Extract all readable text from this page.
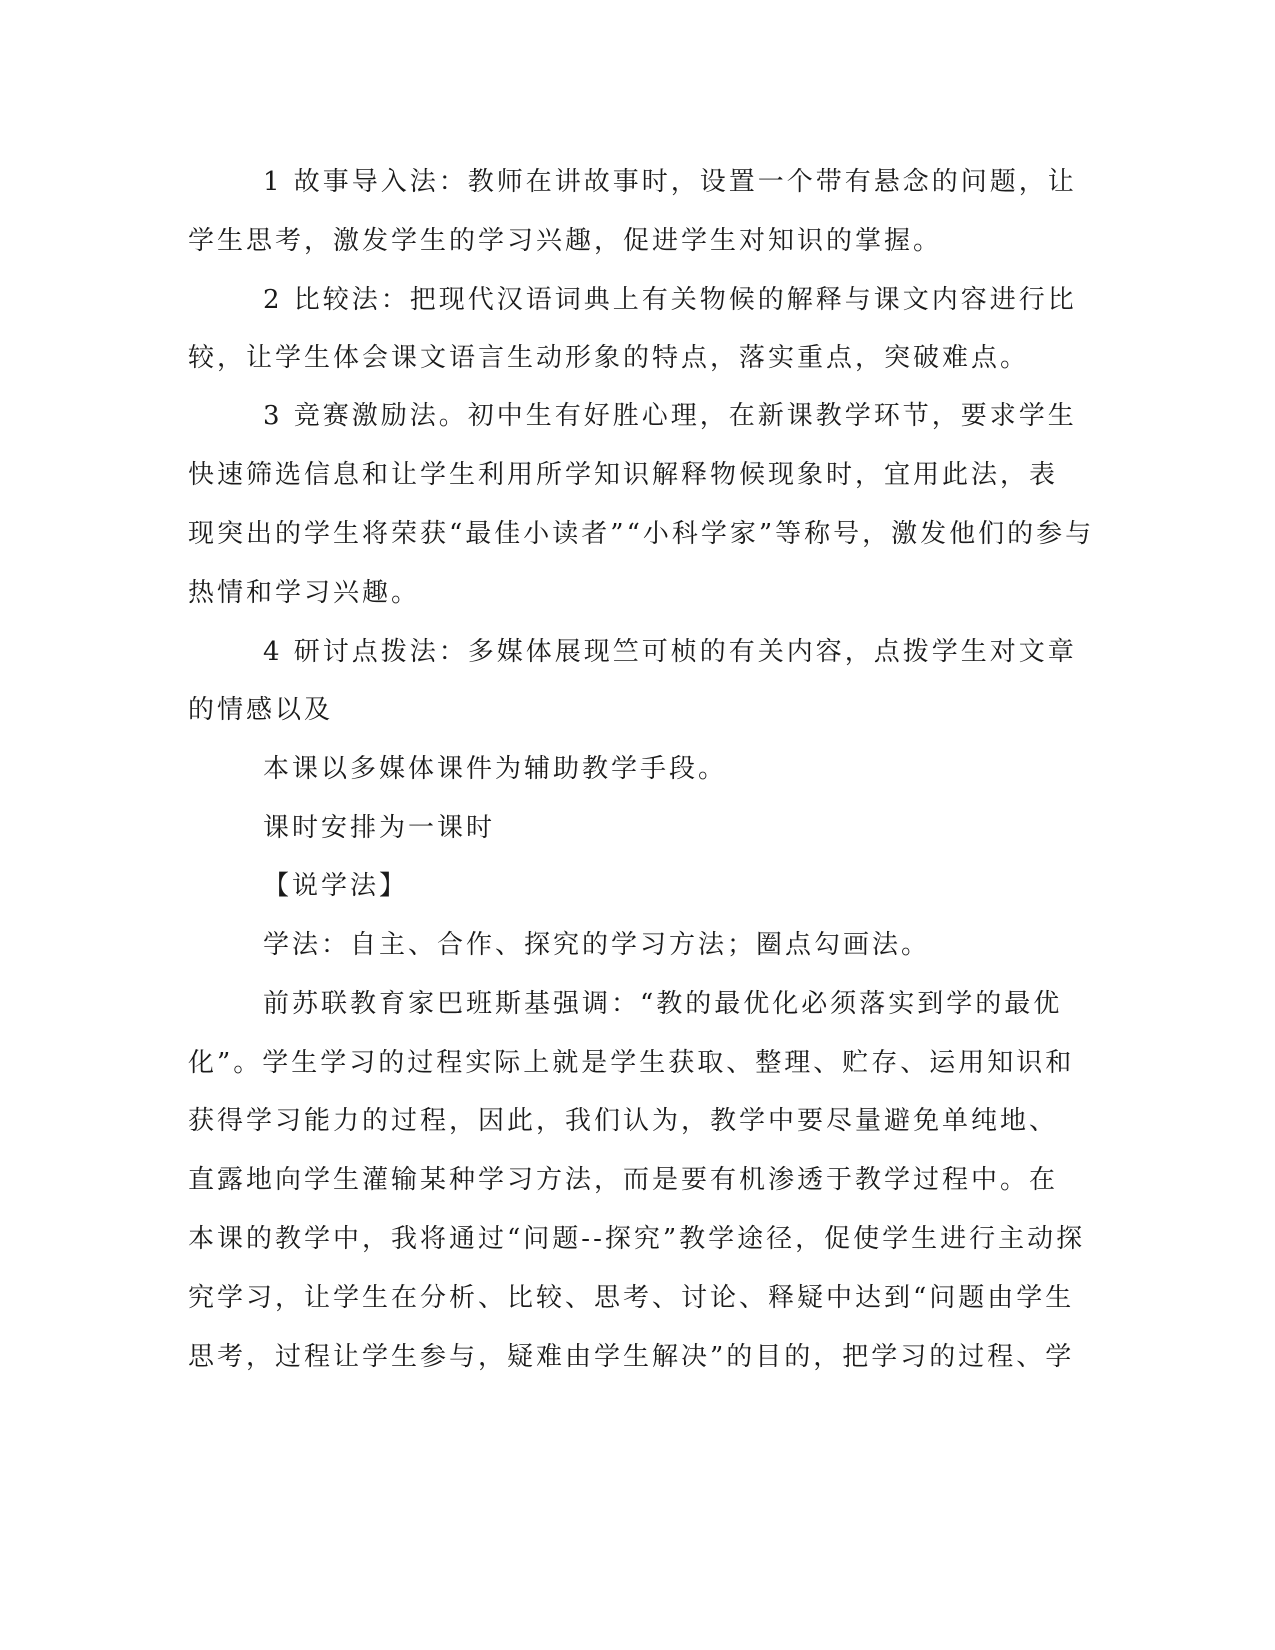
1 故事导入法：教师在讲故事时，设置一个带有悬念的问题，让
学生思考，激发学生的学习兴趣，促进学生对知识的掌握。
2 比较法：把现代汉语词典上有关物候的解释与课文内容进行比
较，让学生体会课文语言生动形象的特点，落实重点，突破难点。
3 竞赛激励法。初中生有好胜心理，在新课教学环节，要求学生
快速筛选信息和让学生利用所学知识解释物候现象时，宜用此法，表
现突出的学生将荣获“最佳小读者”“小科学家”等称号，激发他们的参与
热情和学习兴趣。
4 研讨点拨法：多媒体展现竺可桢的有关内容，点拨学生对文章
的情感以及
本课以多媒体课件为辅助教学手段。
课时安排为一课时
【说学法】
学法：自主、合作、探究的学习方法；圈点勾画法。
前苏联教育家巴班斯基强调：“教的最优化必须落实到学的最优
化”。学生学习的过程实际上就是学生获取、整理、贮存、运用知识和
获得学习能力的过程，因此，我们认为，教学中要尽量避免单纯地、
直露地向学生灌输某种学习方法，而是要有机渗透于教学过程中。在
本课的教学中，我将通过“问题--探究”教学途径，促使学生进行主动探
究学习，让学生在分析、比较、思考、讨论、释疑中达到“问题由学生
思考，过程让学生参与，疑难由学生解决”的目的，把学习的过程、学
